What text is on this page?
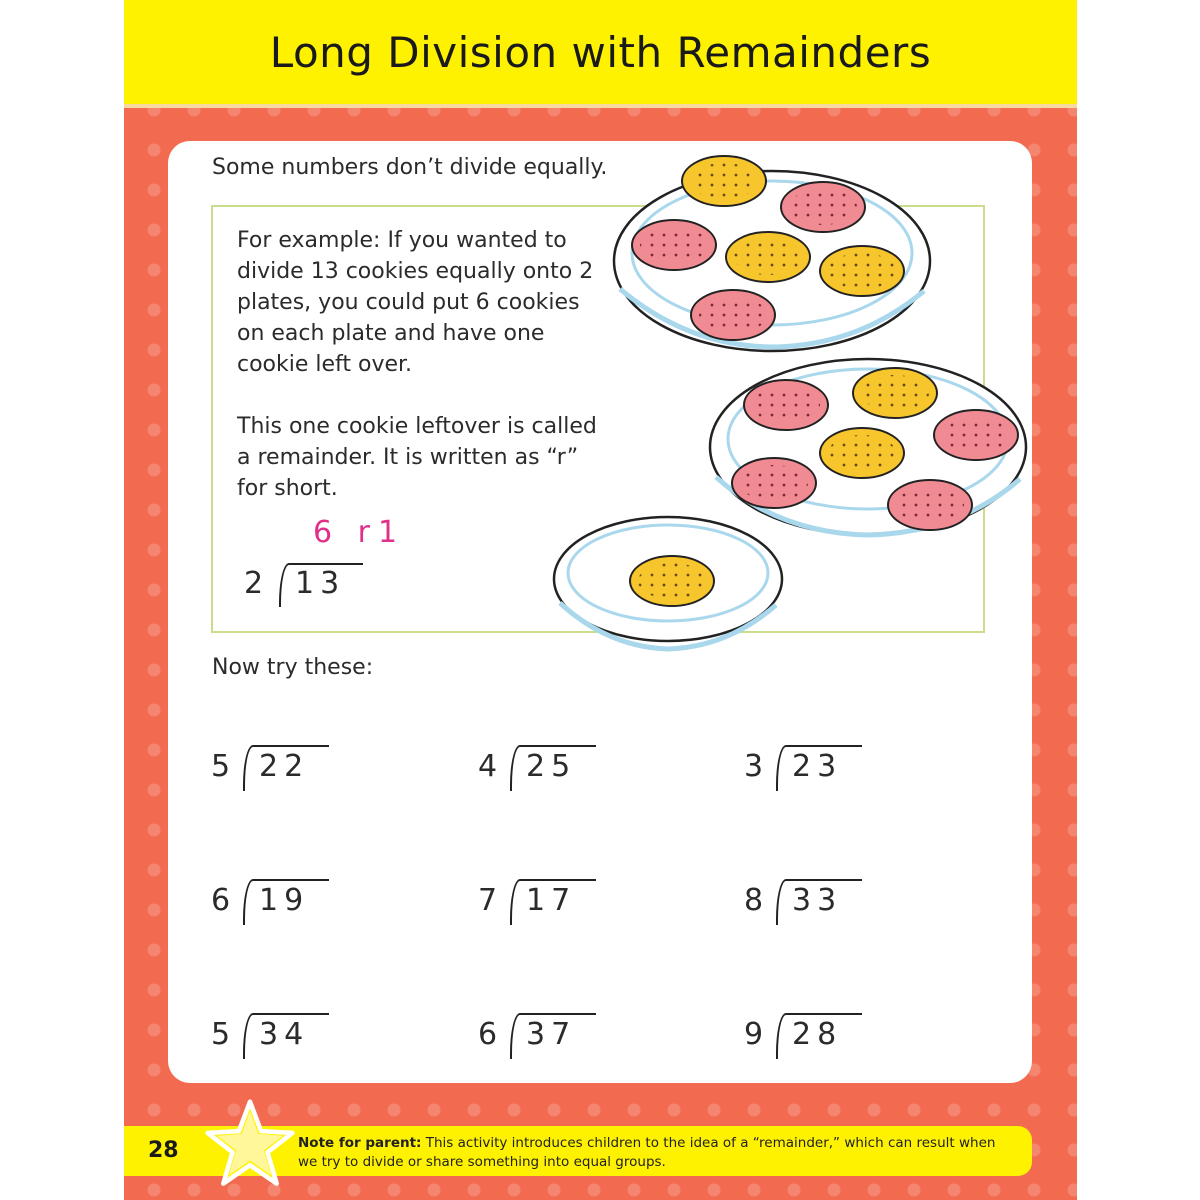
Long Division with Remainders
Some numbers don’t divide equally.

For example: If you wanted to divide 13 cookies equally onto 2 plates, you could put 6 cookies on each plate and have one cookie left over.

This one cookie leftover is called a remainder. It is written as “r” for short.

6 r1
2 13
Now try these:
5 22	4 25	3 23
6 19	7 17	8 33
5 34	6 37	9 28
28	Note for parent: This activity introduces children to the idea of a “remainder,” which can result when we try to divide or share something into equal groups.
